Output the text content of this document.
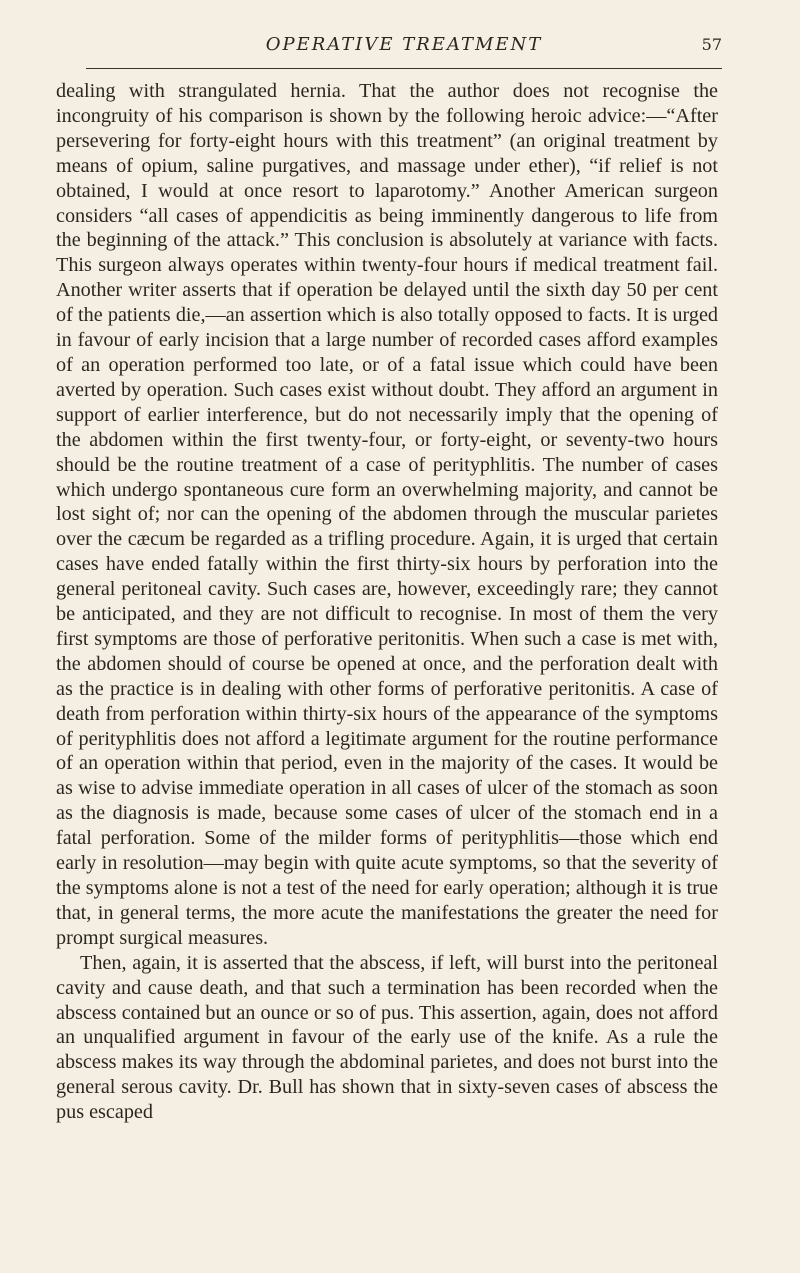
OPERATIVE TREATMENT	57

dealing with strangulated hernia. That the author does not recognise the incongruity of his comparison is shown by the following heroic advice:—“After persevering for forty-eight hours with this treatment” (an original treatment by means of opium, saline purgatives, and massage under ether), “if relief is not obtained, I would at once resort to laparotomy.” Another American surgeon considers “all cases of appendicitis as being imminently dangerous to life from the beginning of the attack.” This conclusion is absolutely at variance with facts. This surgeon always operates within twenty-four hours if medical treatment fail. Another writer asserts that if operation be delayed until the sixth day 50 per cent of the patients die,—an assertion which is also totally opposed to facts. It is urged in favour of early incision that a large number of recorded cases afford examples of an operation performed too late, or of a fatal issue which could have been averted by operation. Such cases exist without doubt. They afford an argument in support of earlier interference, but do not necessarily imply that the opening of the abdomen within the first twenty-four, or forty-eight, or seventy-two hours should be the routine treatment of a case of perityphlitis. The number of cases which undergo spontaneous cure form an overwhelming majority, and cannot be lost sight of; nor can the opening of the abdomen through the muscular parietes over the cæcum be regarded as a trifling procedure. Again, it is urged that certain cases have ended fatally within the first thirty-six hours by perforation into the general peritoneal cavity. Such cases are, however, exceedingly rare; they cannot be anticipated, and they are not difficult to recognise. In most of them the very first symptoms are those of perforative peritonitis. When such a case is met with, the abdomen should of course be opened at once, and the perforation dealt with as the practice is in dealing with other forms of perforative peritonitis. A case of death from perforation within thirty-six hours of the appearance of the symptoms of perityphlitis does not afford a legitimate argument for the routine performance of an operation within that period, even in the majority of the cases. It would be as wise to advise immediate operation in all cases of ulcer of the stomach as soon as the diagnosis is made, because some cases of ulcer of the stomach end in a fatal perforation. Some of the milder forms of perityphlitis—those which end early in resolution—may begin with quite acute symptoms, so that the severity of the symptoms alone is not a test of the need for early operation; although it is true that, in general terms, the more acute the manifestations the greater the need for prompt surgical measures.

Then, again, it is asserted that the abscess, if left, will burst into the peritoneal cavity and cause death, and that such a termination has been recorded when the abscess contained but an ounce or so of pus. This assertion, again, does not afford an unqualified argument in favour of the early use of the knife. As a rule the abscess makes its way through the abdominal parietes, and does not burst into the general serous cavity. Dr. Bull has shown that in sixty-seven cases of abscess the pus escaped
